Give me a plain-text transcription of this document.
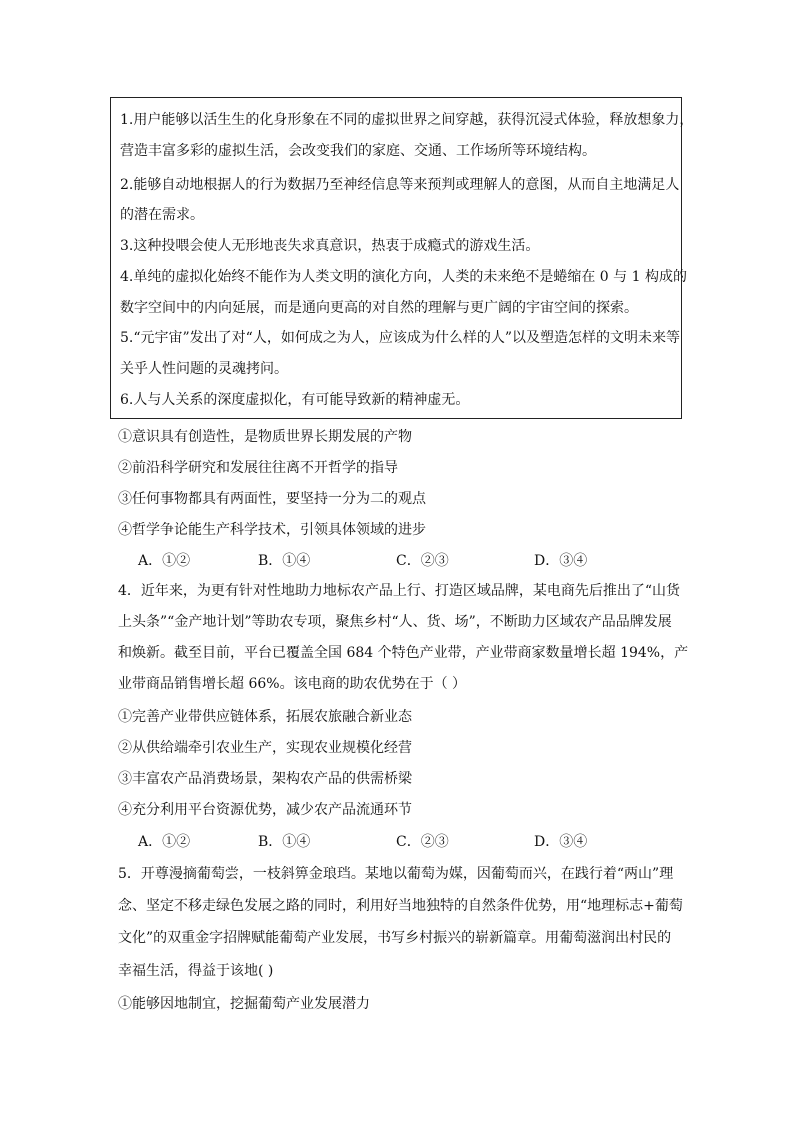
1.用户能够以活生生的化身形象在不同的虚拟世界之间穿越，获得沉浸式体验，释放想象力，
营造丰富多彩的虚拟生活，会改变我们的家庭、交通、工作场所等环境结构。
2.能够自动地根据人的行为数据乃至神经信息等来预判或理解人的意图，从而自主地满足人
的潜在需求。
3.这种投喂会使人无形地丧失求真意识，热衷于成瘾式的游戏生活。
4.单纯的虚拟化始终不能作为人类文明的演化方向，人类的未来绝不是蜷缩在 0 与 1 构成的
数字空间中的内向延展，而是通向更高的对自然的理解与更广阔的宇宙空间的探索。
5.“元宇宙”发出了对“人，如何成之为人，应该成为什么样的人”以及塑造怎样的文明未来等
关乎人性问题的灵魂拷问。
6.人与人关系的深度虚拟化，有可能导致新的精神虚无。
①意识具有创造性，是物质世界长期发展的产物
②前沿科学研究和发展往往离不开哲学的指导
③任何事物都具有两面性，要坚持一分为二的观点
④哲学争论能生产科学技术，引领具体领域的进步
A．①②	B．①④	C．②③	D．③④
4．近年来，为更有针对性地助力地标农产品上行、打造区域品牌，某电商先后推出了“山货
上头条”“金产地计划”等助农专项，聚焦乡村“人、货、场”，不断助力区域农产品品牌发展
和焕新。截至目前，平台已覆盖全国 684 个特色产业带，产业带商家数量增长超 194%，产
业带商品销售增长超 66%。该电商的助农优势在于（ ）
①完善产业带供应链体系，拓展农旅融合新业态
②从供给端牵引农业生产，实现农业规模化经营
③丰富农产品消费场景，架构农产品的供需桥梁
④充分利用平台资源优势，减少农产品流通环节
A．①②	B．①④	C．②③	D．③④
5．开尊漫摘葡萄尝，一枝斜箅金琅珰。某地以葡萄为媒，因葡萄而兴，在践行着“两山”理
念、坚定不移走绿色发展之路的同时，利用好当地独特的自然条件优势，用“地理标志+葡萄
文化”的双重金字招牌赋能葡萄产业发展，书写乡村振兴的崭新篇章。用葡萄滋润出村民的
幸福生活，得益于该地( )
①能够因地制宜，挖掘葡萄产业发展潜力
